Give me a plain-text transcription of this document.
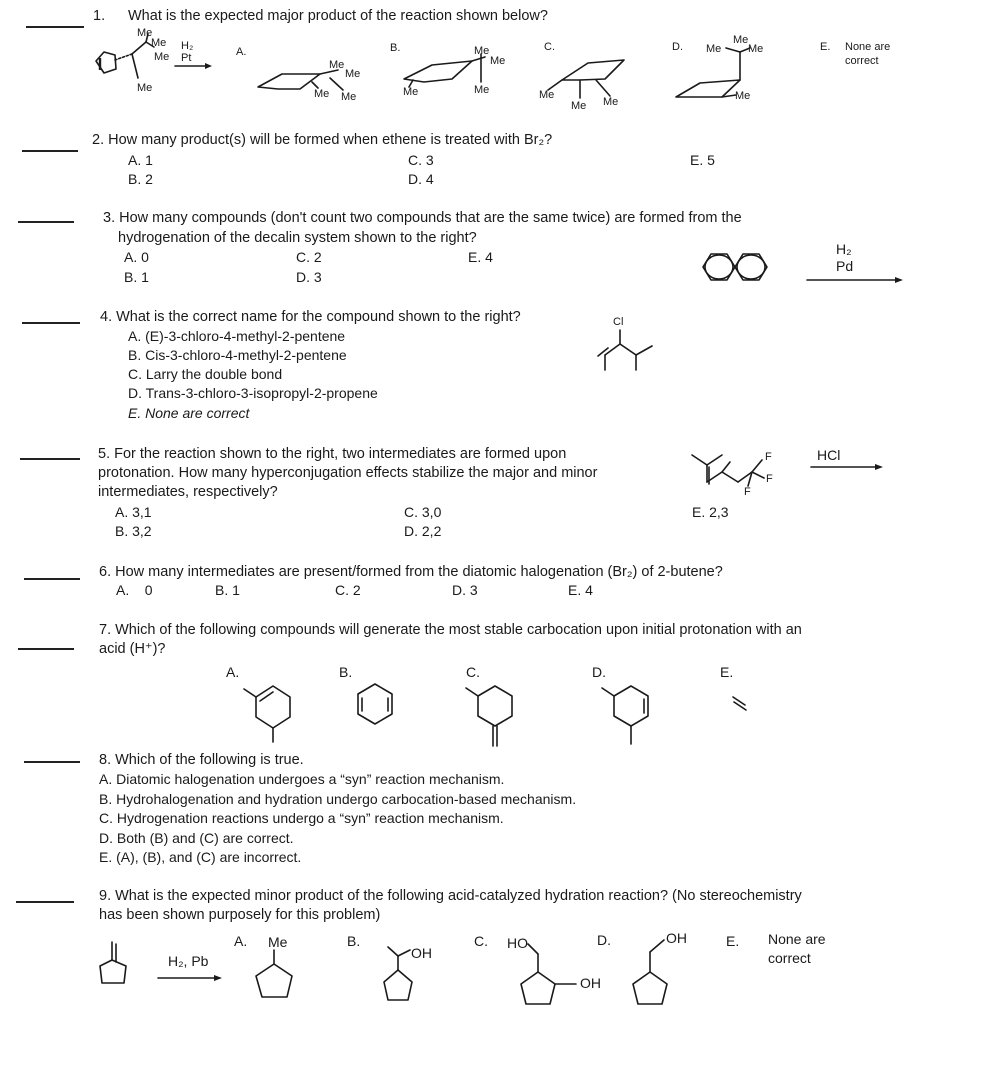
1. What is the expected major product of the reaction shown below?
H₂
Pt	A.	B.	C.	D.	E. None are
correct
Me
Me
Me
Me
Me
Me
Me Me
Me
Me
Me	Me	Me
Me Me
Me
Me Me
Me
2. How many product(s) will be formed when ethene is treated with Br₂?
A. 1
B. 2
C. 3
D. 4
E. 5
3. How many compounds (don't count two compounds that are the same twice) are formed from the
hydrogenation of the decalin system shown to the right?
A. 0
B. 1
C. 2
D. 3
E. 4	H₂
Pd
4. What is the correct name for the compound shown to the right?
A. (E)-3-chloro-4-methyl-2-pentene
B. Cis-3-chloro-4-methyl-2-pentene
C. Larry the double bond
D. Trans-3-chloro-3-isopropyl-2-propene
E. None are correct
Cl
5. For the reaction shown to the right, two intermediates are formed upon
protonation. How many hyperconjugation effects stabilize the major and minor
intermediates, respectively?
A. 3,1
B. 3,2
C. 3,0
D. 2,2
E. 2,3
HCl
F
F
F
6. How many intermediates are present/formed from the diatomic halogenation (Br₂) of 2-butene?
A.    0	B. 1	C. 2	D. 3	E. 4
7. Which of the following compounds will generate the most stable carbocation upon initial protonation with an
acid (H⁺)?
A.	B.	C.	D.	E.
8. Which of the following is true.
A. Diatomic halogenation undergoes a “syn” reaction mechanism.
B. Hydrohalogenation and hydration undergo carbocation-based mechanism.
C. Hydrogenation reactions undergo a “syn” reaction mechanism.
D. Both (B) and (C) are correct.
E. (A), (B), and (C) are incorrect.
9. What is the expected minor product of the following acid-catalyzed hydration reaction? (No stereochemistry
has been shown purposely for this problem)
H₂, Pb
A. Me	B.
OH
C. HO	D.
OH
OH	E. None are
correct
